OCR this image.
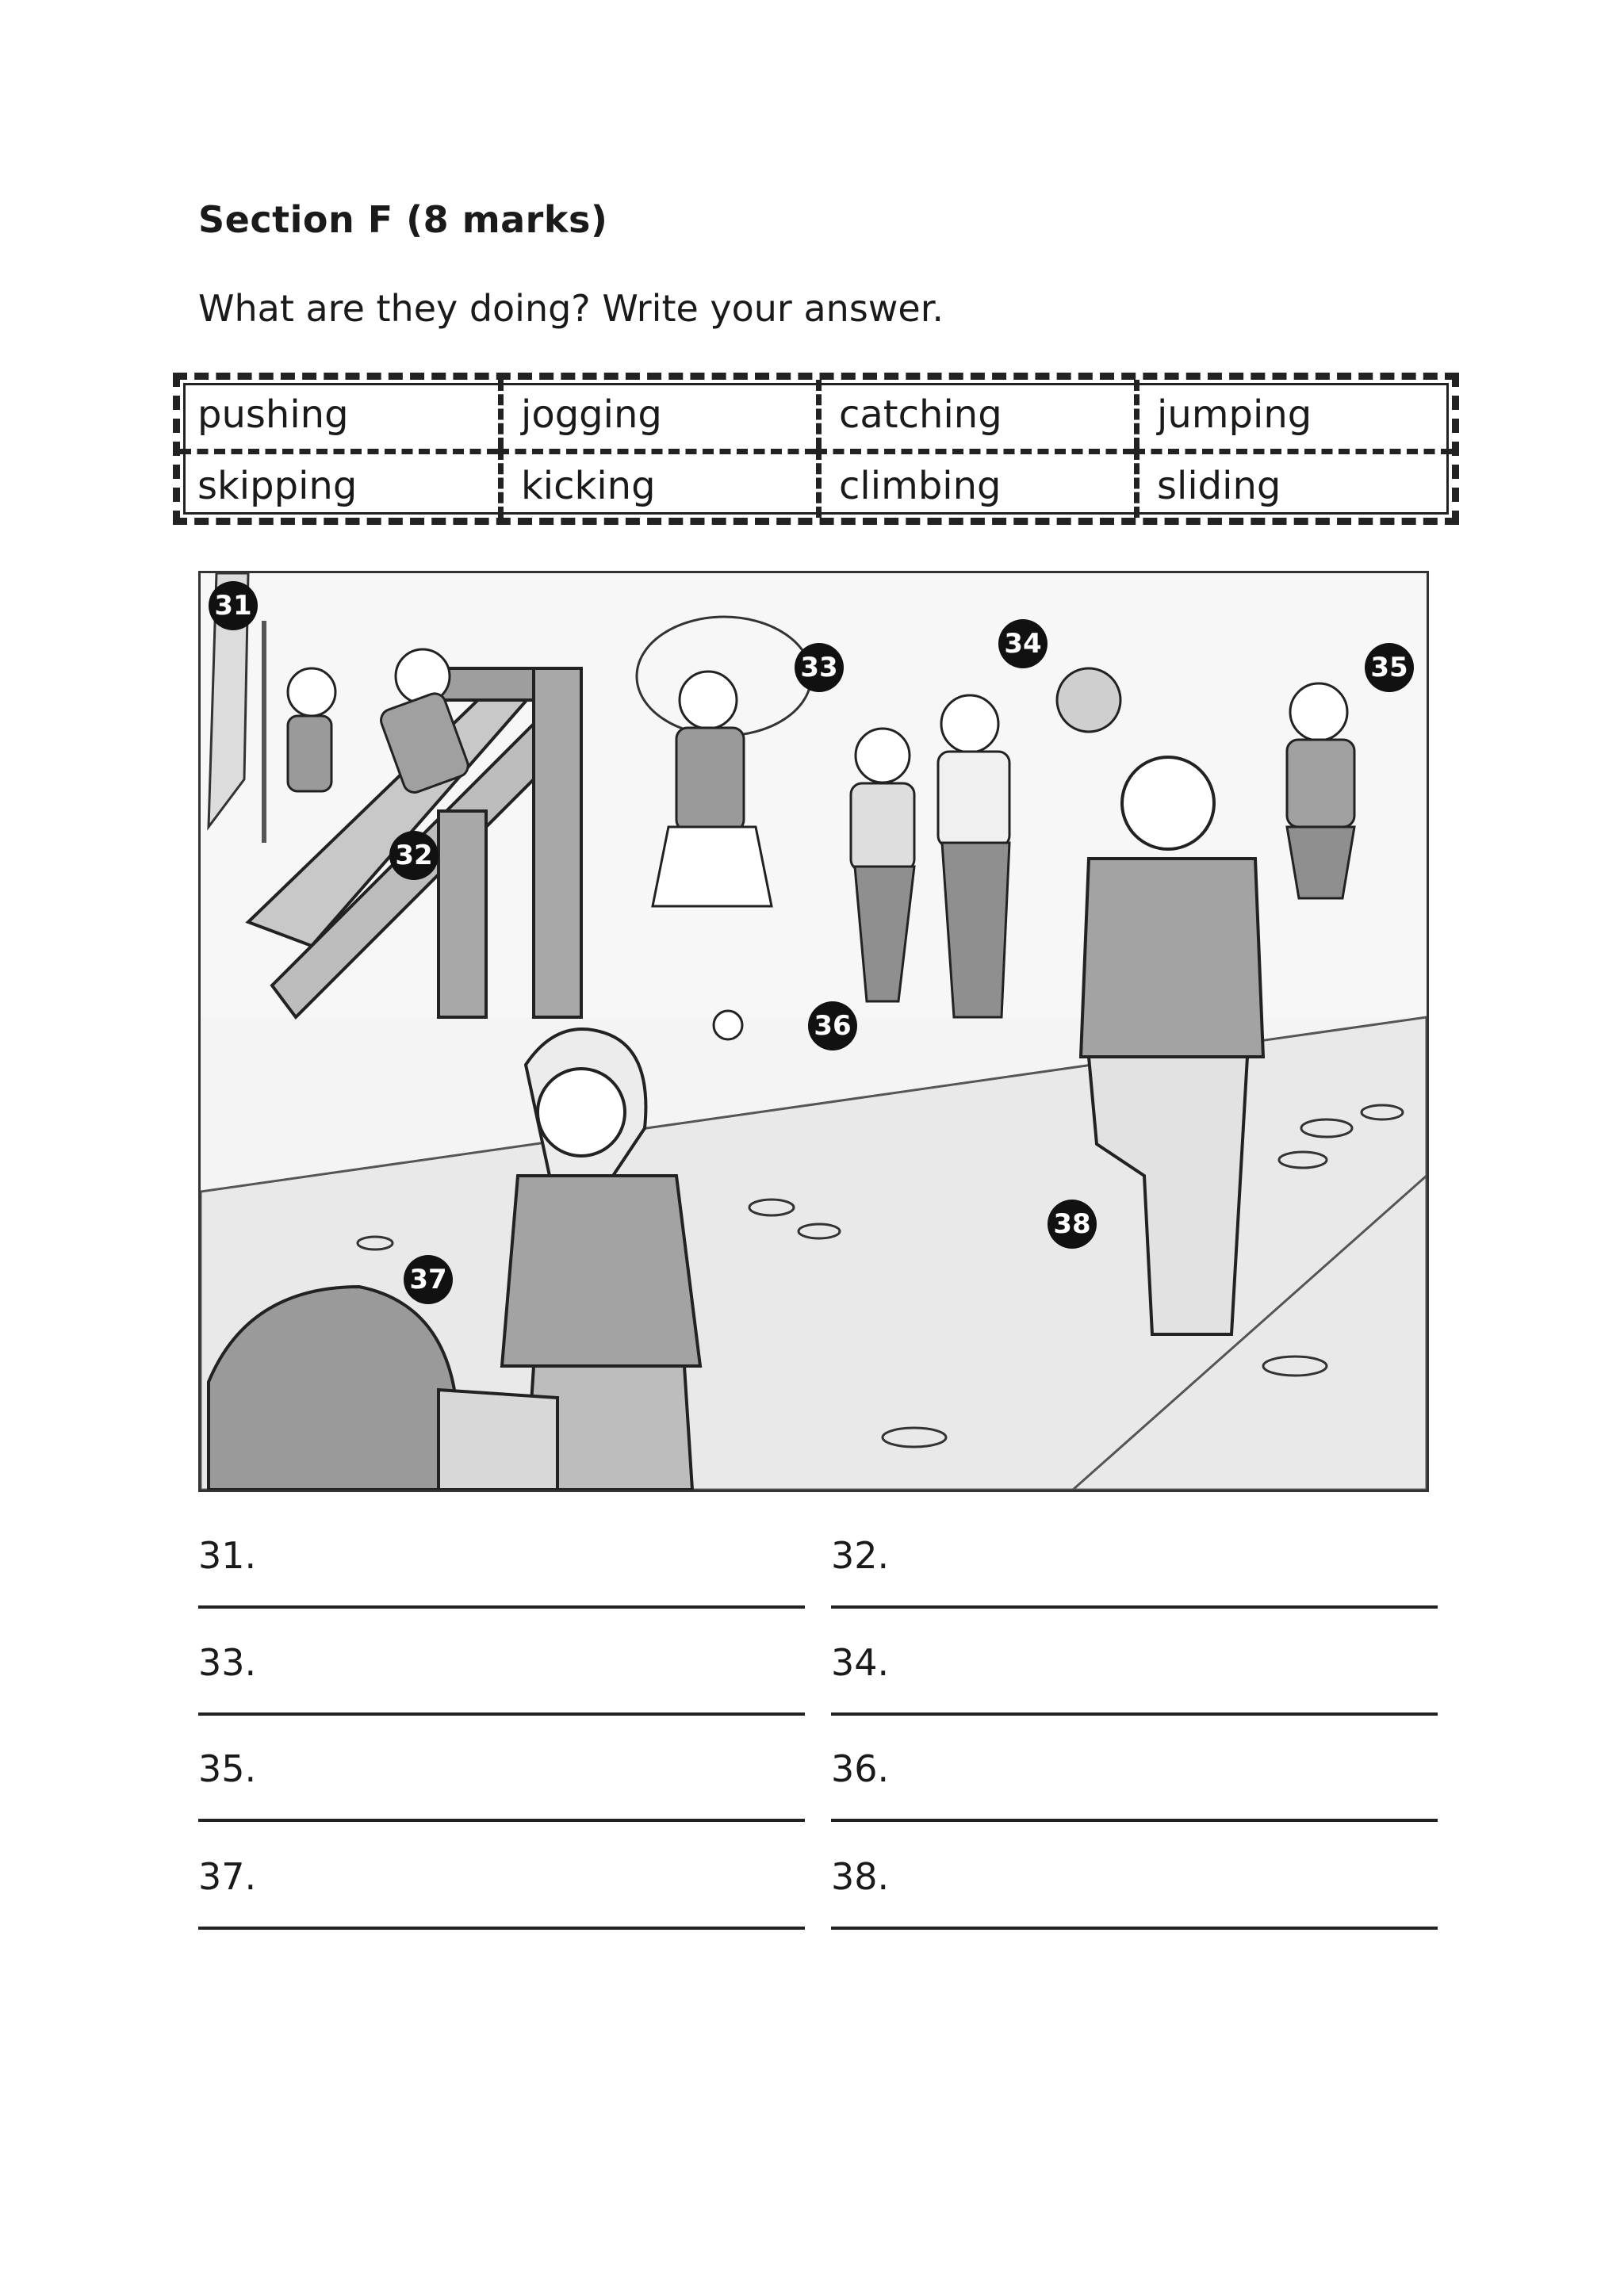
Section F (8 marks)
What are they doing? Write your answer.
pushing	jogging	catching	jumping
skipping	kicking	climbing	sliding
31
32
33
34
35
36
37
38
31.	32.
33.	34.
35.	36.
37.	38.
